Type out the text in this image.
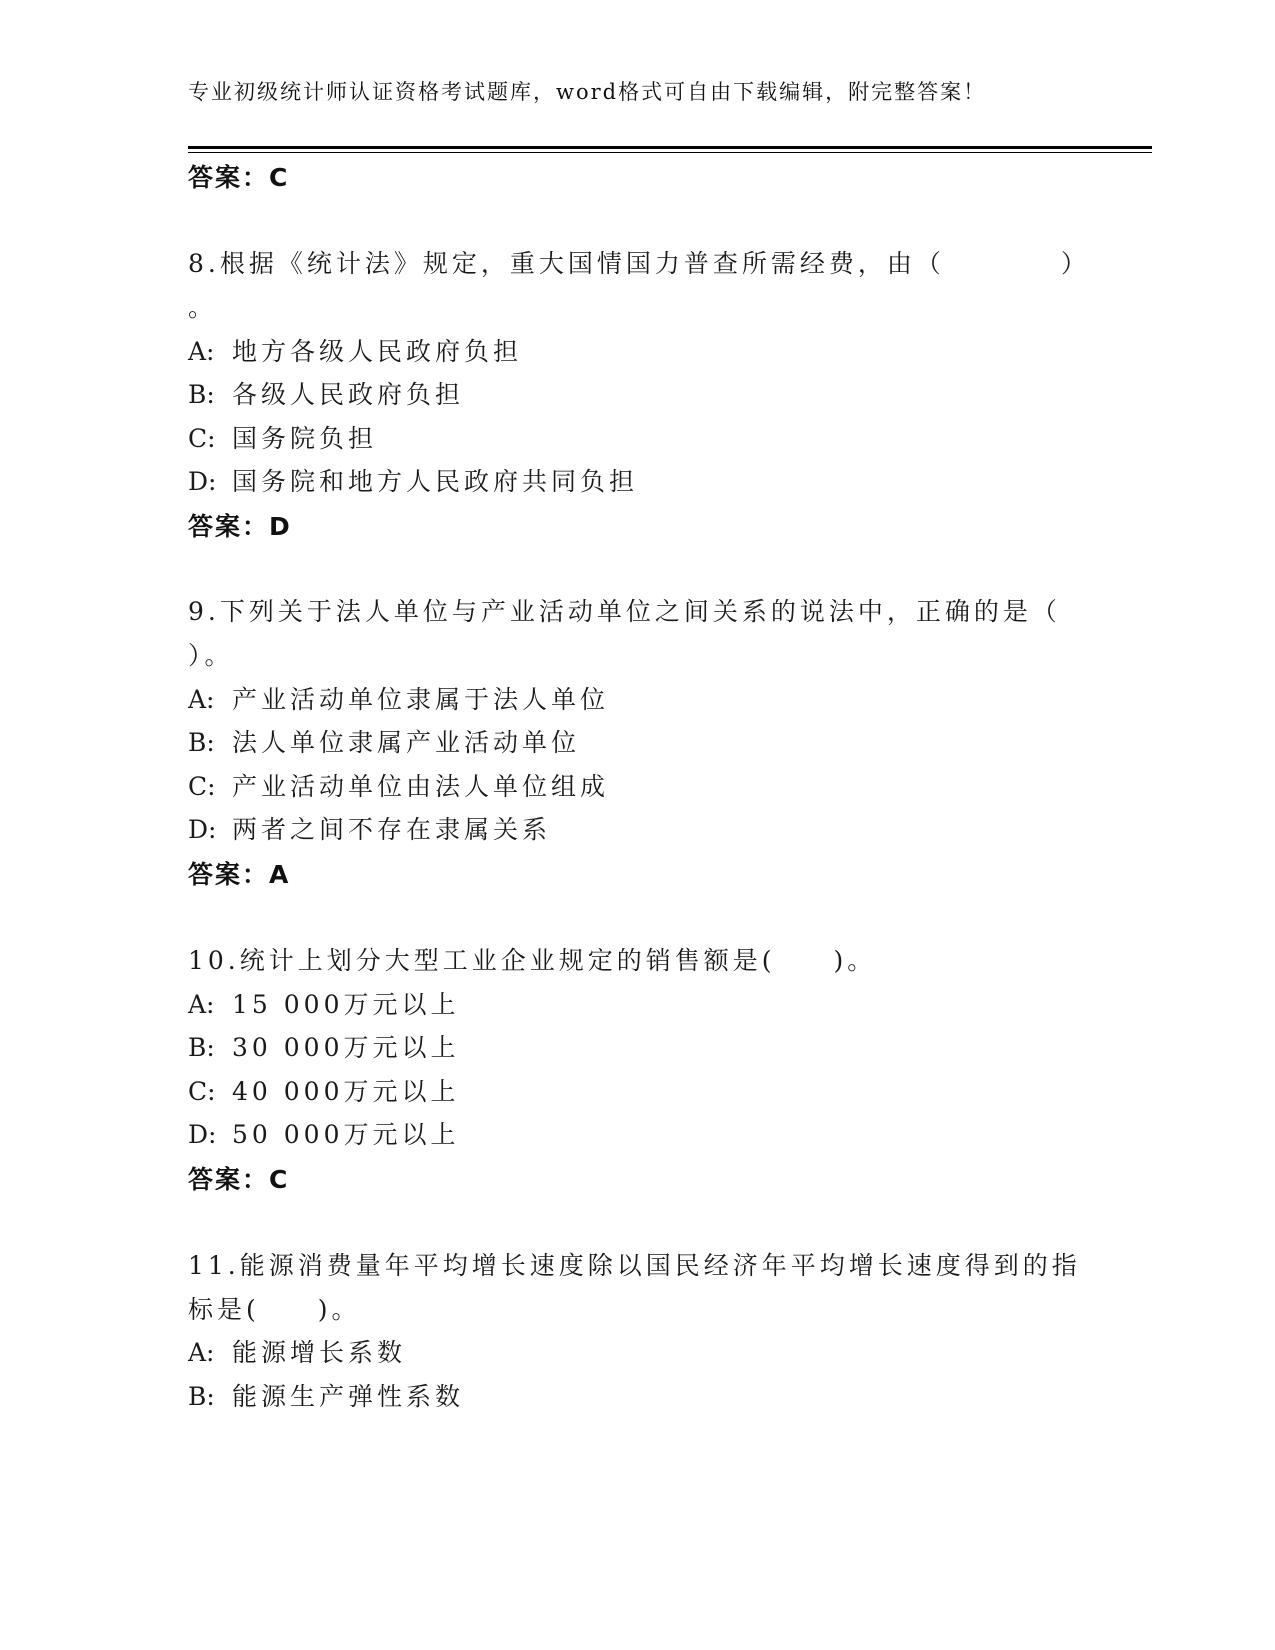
专业初级统计师认证资格考试题库，word格式可自由下载编辑，附完整答案！
答案：C
8.根据《统计法》规定，重大国情国力普查所需经费，由（　　　　）
。
A: 地方各级人民政府负担
B: 各级人民政府负担
C: 国务院负担
D: 国务院和地方人民政府共同负担
答案：D
9.下列关于法人单位与产业活动单位之间关系的说法中，正确的是（
）。
A: 产业活动单位隶属于法人单位
B: 法人单位隶属产业活动单位
C: 产业活动单位由法人单位组成
D: 两者之间不存在隶属关系
答案：A
10.统计上划分大型工业企业规定的销售额是(　　)。
A: 15 000万元以上
B: 30 000万元以上
C: 40 000万元以上
D: 50 000万元以上
答案：C
11.能源消费量年平均增长速度除以国民经济年平均增长速度得到的指
标是(　　)。
A: 能源增长系数
B: 能源生产弹性系数
